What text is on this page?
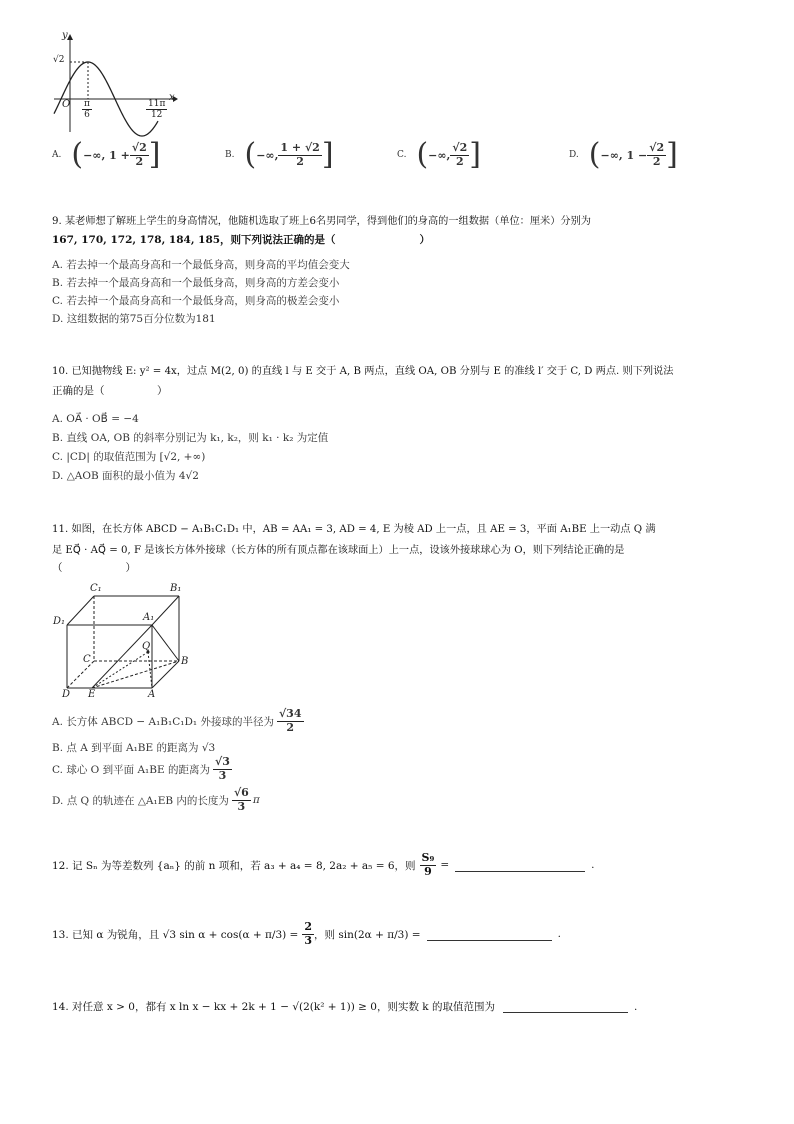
y
x
O
√2
$\frac{\pi}{6}$	$\frac{11\pi}{12}$
A. ( −∞, $1 + \frac{√2}{2}$ ]	B. ( −∞, $\frac{1 + √2}{2}$ ]	C. ( −∞, $\frac{√2}{2}$ ]	D. ( −∞, $1 - \frac{√2}{2}$ ]
9. 某老师想了解班上学生的身高情况，他随机选取了班上6名男同学，得到他们的身高的一组数据（单位：厘米）分别为
167, 170, 172, 178, 184, 185，则下列说法正确的是（　　　　　　　　）
A. 若去掉一个最高身高和一个最低身高，则身高的平均值会变大
B. 若去掉一个最高身高和一个最低身高，则身高的方差会变小
C. 若去掉一个最高身高和一个最低身高，则身高的极差会变小
D. 这组数据的第75百分位数为181
10. 已知抛物线 E: y² = 4x，过点 M(2, 0) 的直线 l 与 E 交于 A, B 两点，直线 OA, OB 分别与 E 的准线 l′ 交于 C, D 两点. 则下列说法
正确的是（　　　　　）
A. OA⃗ · OB⃗ = −4
B. 直线 OA, OB 的斜率分别记为 k₁, k₂，则 k₁ · k₂ 为定值
C. |CD| 的取值范围为 [√2, +∞)
D. △AOB 面积的最小值为 4√2
11. 如图，在长方体 ABCD − A₁B₁C₁D₁ 中，AB = AA₁ = 3, AD = 4, E 为棱 AD 上一点，且 AE = 3，平面 A₁BE 上一动点 Q 满
足 EQ⃗ · AQ⃗ = 0, F 是该长方体外接球（长方体的所有顶点都在该球面上）上一点，设该外接球球心为 O，则下列结论正确的是
（　　　　　　）
C₁	B₁
D₁	A₁
Q
C	B
D E	A
A. 长方体 ABCD − A₁B₁C₁D₁ 外接球的半径为 $\frac{√34}{2}$
B. 点 A 到平面 A₁BE 的距离为 √3
C. 球心 O 到平面 A₁BE 的距离为 $\frac{√3}{3}$
D. 点 Q 的轨迹在 △A₁EB 内的长度为 $\frac{√6}{3}$ π
12. 记 Sₙ 为等差数列 {aₙ} 的前 n 项和，若 a₃ + a₄ = 8, 2a₂ + a₅ = 6，则 $\frac{\text{S₉}}{9}$ =
	.
13. 已知 α 为锐角，且 √3 $\sin \alpha + \cos(\alpha + \pi/3) = \frac{2}{3}$ ，则 sin(2α + π/3) =
	.
14. 对任意 x > 0，都有 x ln x − kx + 2k + 1 − √(2(k² + 1)) ≥ 0，则实数 k 的取值范围为
	.
